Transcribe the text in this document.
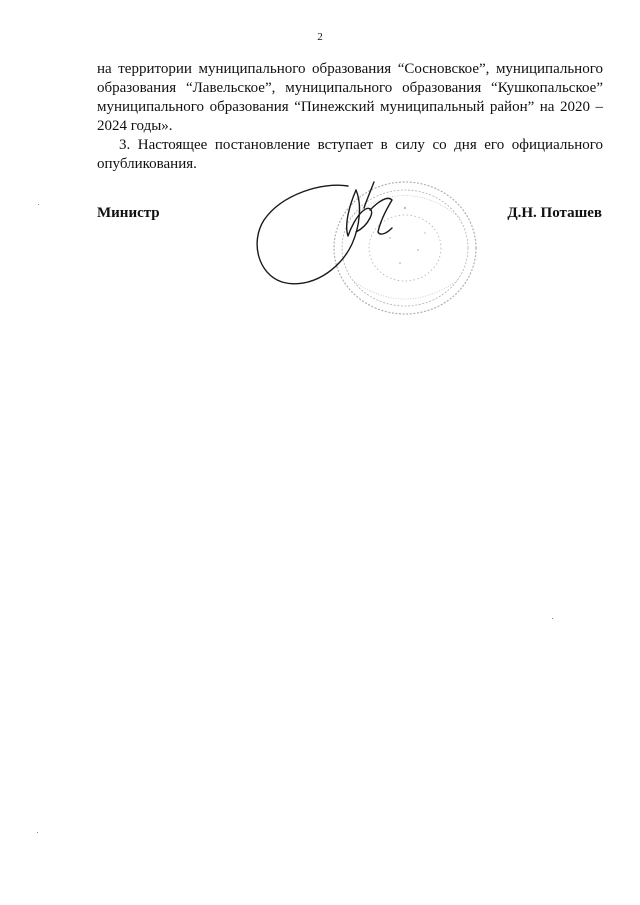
2

на территории муниципального образования “Сосновское”, муниципального

образования “Лавельское”, муниципального образования “Кушкопальское”

муниципального образования “Пинежский муниципальный район” на 2020 –

2024 годы».

3. Настоящее постановление вступает в силу со дня его официального

опубликования.

Министр	Д.Н. Поташев
